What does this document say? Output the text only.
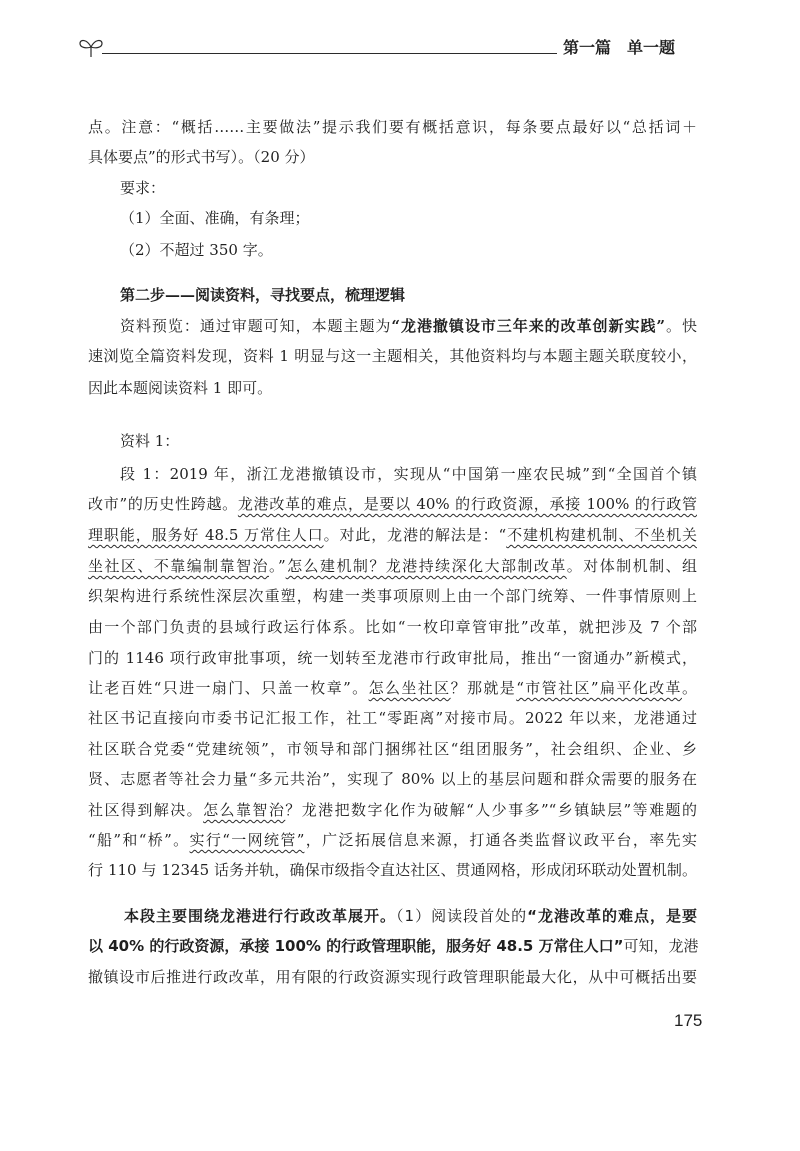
第一篇　单一题
点。注意：“概括……主要做法”提示我们要有概括意识，每条要点最好以“总括词＋
具体要点”的形式书写）。（20 分）
要求：
（1）全面、准确，有条理；
（2）不超过 350 字。
第二步——阅读资料，寻找要点，梳理逻辑
资料预览：通过审题可知，本题主题为“龙港撤镇设市三年来的改革创新实践”。快
速浏览全篇资料发现，资料 1 明显与这一主题相关，其他资料均与本题主题关联度较小，
因此本题阅读资料 1 即可。
资料 1：
段 1：2019 年，浙江龙港撤镇设市，实现从“中国第一座农民城”到“全国首个镇
改市”的历史性跨越。龙港改革的难点，是要以 40% 的行政资源，承接 100% 的行政管
理职能，服务好 48.5 万常住人口。对此，龙港的解法是：“不建机构建机制、不坐机关
坐社区、不靠编制靠智治。”怎么建机制？龙港持续深化大部制改革。对体制机制、组
织架构进行系统性深层次重塑，构建一类事项原则上由一个部门统筹、一件事情原则上
由一个部门负责的县域行政运行体系。比如“一枚印章管审批”改革，就把涉及 7 个部
门的 1146 项行政审批事项，统一划转至龙港市行政审批局，推出“一窗通办”新模式，
让老百姓“只进一扇门、只盖一枚章”。怎么坐社区？那就是“市管社区”扁平化改革。
社区书记直接向市委书记汇报工作，社工“零距离”对接市局。2022 年以来，龙港通过
社区联合党委“党建统领”，市领导和部门捆绑社区“组团服务”，社会组织、企业、乡
贤、志愿者等社会力量“多元共治”，实现了 80% 以上的基层问题和群众需要的服务在
社区得到解决。怎么靠智治？龙港把数字化作为破解“人少事多”“乡镇缺层”等难题的
“船”和“桥”。实行“一网统管”，广泛拓展信息来源，打通各类监督议政平台，率先实
行 110 与 12345 话务并轨，确保市级指令直达社区、贯通网格，形成闭环联动处置机制。
本段主要围绕龙港进行行政改革展开。（1）阅读段首处的“龙港改革的难点，是要
以 40% 的行政资源，承接 100% 的行政管理职能，服务好 48.5 万常住人口”可知，龙港
撤镇设市后推进行政改革，用有限的行政资源实现行政管理职能最大化，从中可概括出要
175
